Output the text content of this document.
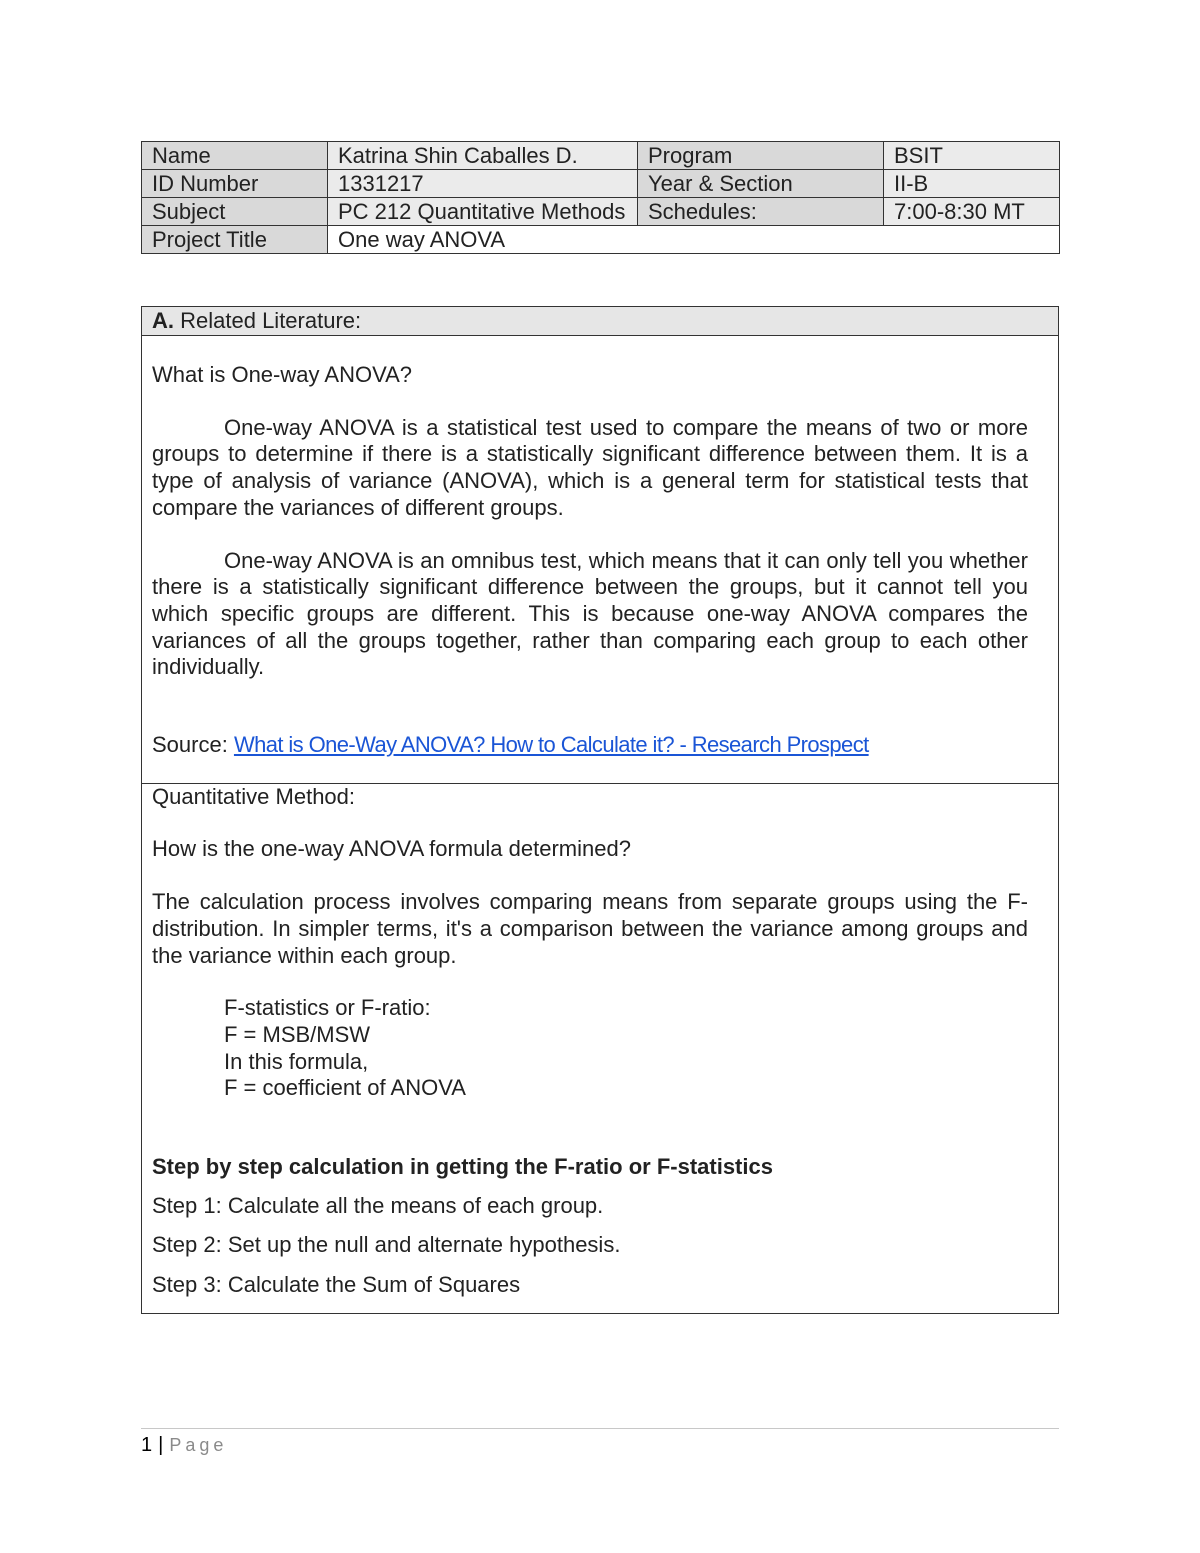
Name	Katrina Shin Caballes D.	Program	BSIT
ID Number	1331217	Year & Section	II-B
Subject	PC 212 Quantitative Methods	Schedules:	7:00-8:30 MT
Project Title	One way ANOVA		
A. Related Literature:

What is One-way ANOVA?

One-way ANOVA is a statistical test used to compare the means of two or more groups to determine if there is a statistically significant difference between them. It is a type of analysis of variance (ANOVA), which is a general term for statistical tests that compare the variances of different groups.

One-way ANOVA is an omnibus test, which means that it can only tell you whether there is a statistically significant difference between the groups, but it cannot tell you which specific groups are different. This is because one-way ANOVA compares the variances of all the groups together, rather than comparing each group to each other individually.

Source: What is One-Way ANOVA? How to Calculate it? - Research Prospect

Quantitative Method:

How is the one-way ANOVA formula determined?

The calculation process involves comparing means from separate groups using the F-distribution. In simpler terms, it's a comparison between the variance among groups and the variance within each group.

F-statistics or F-ratio:

F = MSB/MSW

In this formula,

F = coefficient of ANOVA

Step by step calculation in getting the F-ratio or F-statistics

Step 1: Calculate all the means of each group.

Step 2: Set up the null and alternate hypothesis.

Step 3: Calculate the Sum of Squares

1 | Page
